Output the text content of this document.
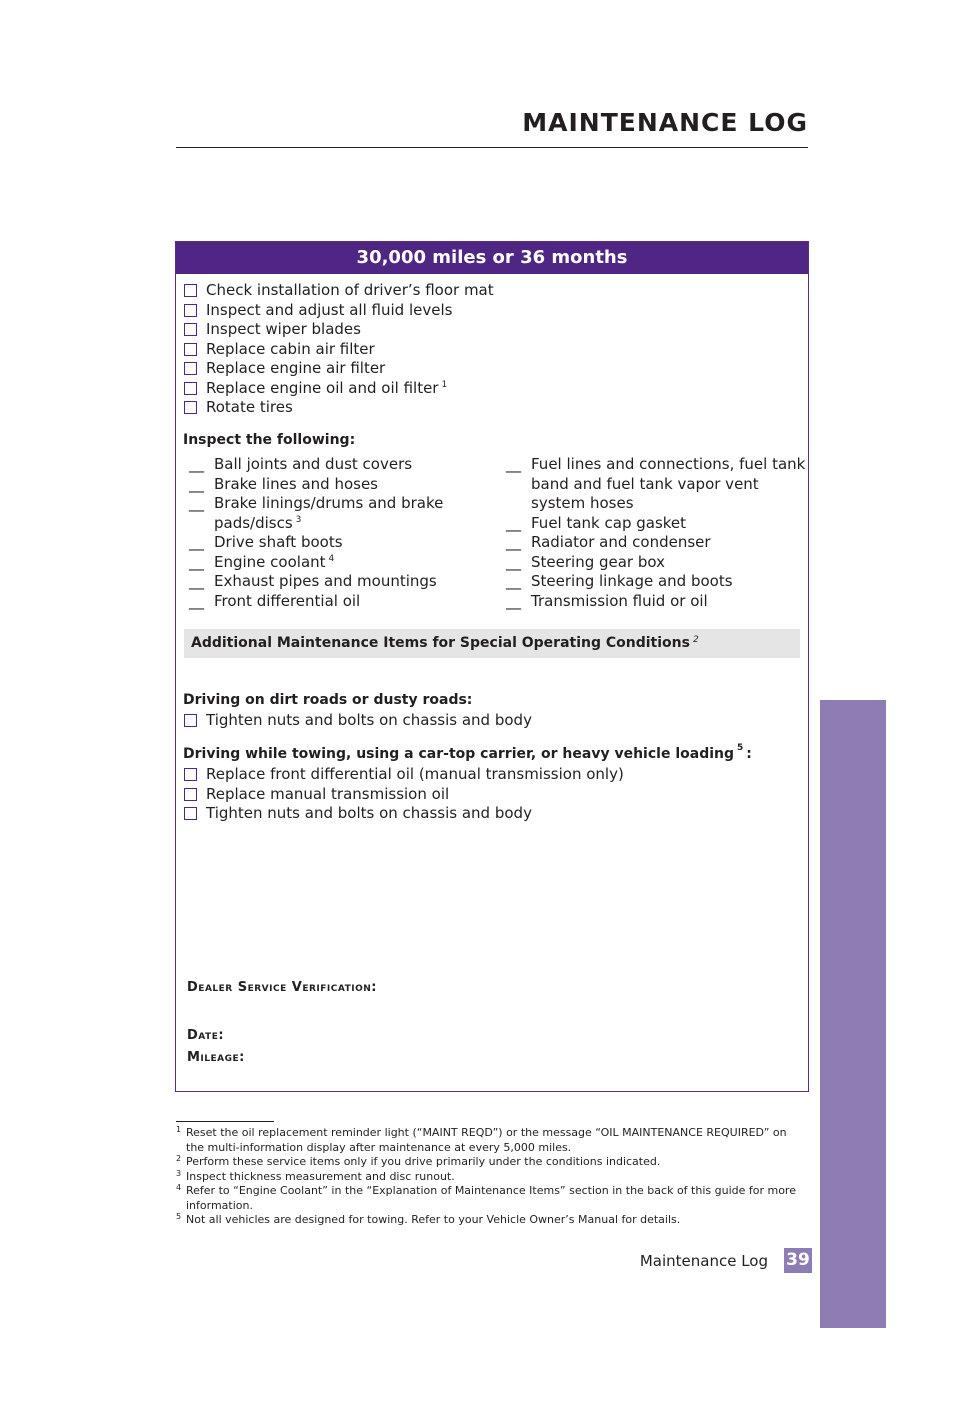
MAINTENANCE LOG
30,000 miles or 36 months
Check installation of driver’s floor mat
Inspect and adjust all fluid levels
Inspect wiper blades
Replace cabin air filter
Replace engine air filter
Replace engine oil and oil filter $^1$
Rotate tires
Inspect the following:
__ Ball joints and dust covers
__ Brake lines and hoses
__ Brake linings/drums and brake pads/discs $^3$
__ Drive shaft boots
__ Engine coolant $^4$
__ Exhaust pipes and mountings
__ Front differential oil
__ Fuel lines and connections, fuel tank band and fuel tank vapor vent system hoses
__ Fuel tank cap gasket
__ Radiator and condenser
__ Steering gear box
__ Steering linkage and boots
__ Transmission fluid or oil
Additional Maintenance Items for Special Operating Conditions $^2$
Driving on dirt roads or dusty roads:
Tighten nuts and bolts on chassis and body
Driving while towing, using a car-top carrier, or heavy vehicle loading $^5$ :
Replace front differential oil (manual transmission only)
Replace manual transmission oil
Tighten nuts and bolts on chassis and body
Dealer Service Verification:
Date:
Mileage:
MAINTENANCE	1 Reset the oil replacement reminder light (“MAINT REQD”) or the message “OIL MAINTENANCE REQUIRED” on the multi-information display after maintenance at every 5,000 miles.
2 Perform these service items only if you drive primarily under the conditions indicated.
3 Inspect thickness measurement and disc runout.
4 Refer to “Engine Coolant” in the “Explanation of Maintenance Items” section in the back of this guide for more information.
5 Not all vehicles are designed for towing. Refer to your Vehicle Owner’s Manual for details.
Maintenance Log 39
